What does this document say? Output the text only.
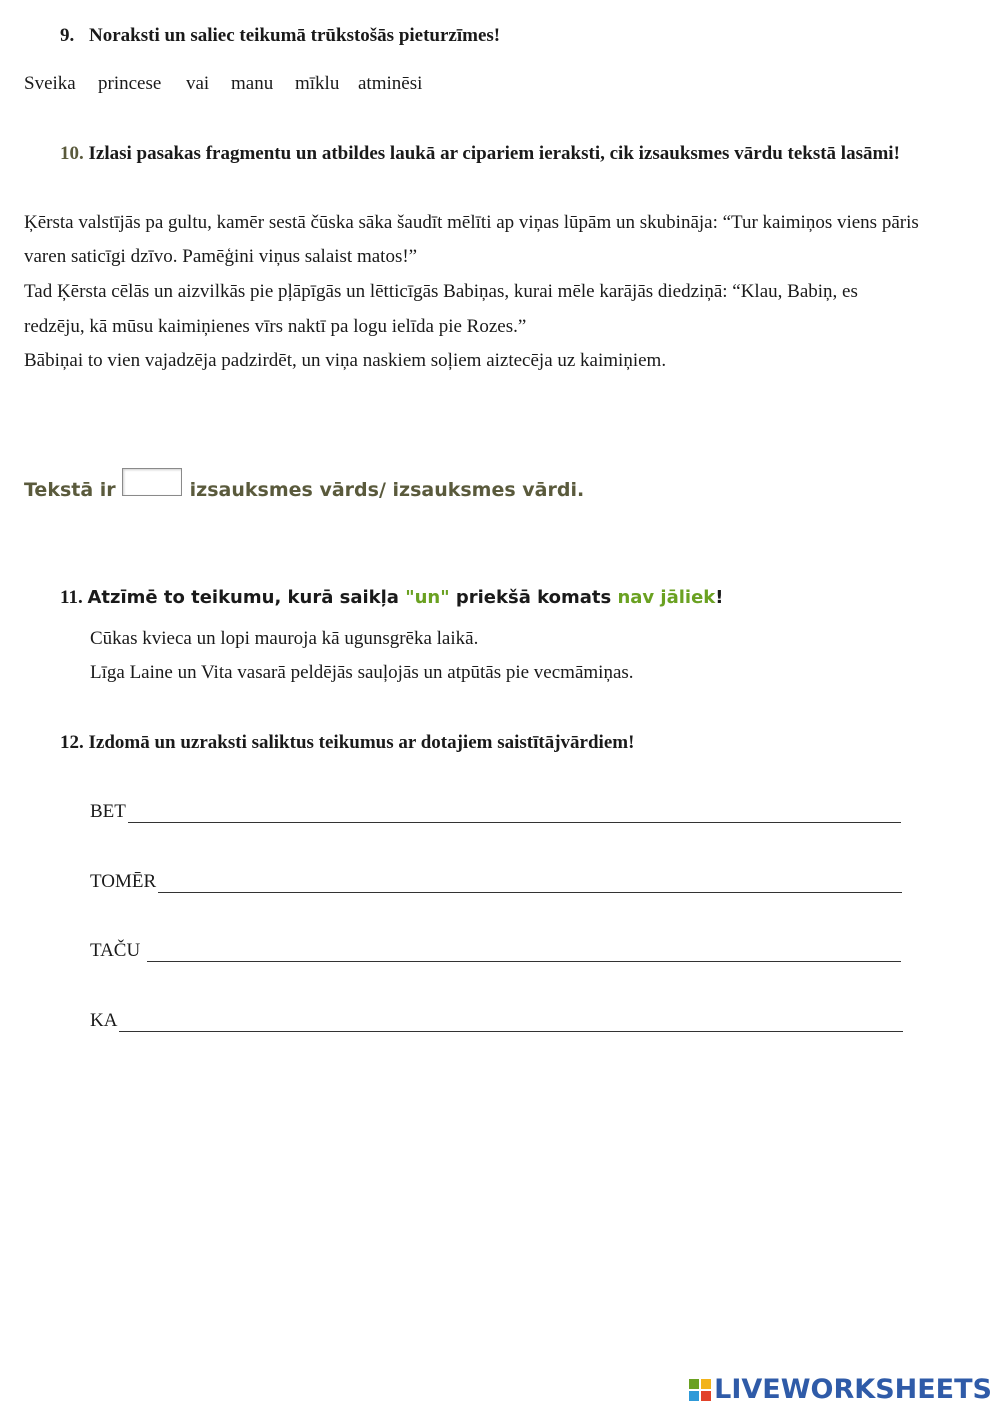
9. Noraksti un saliec teikumā trūkstošās pieturzīmes!
Sveika princese vai manu mīklu atminēsi
10. Izlasi pasakas fragmentu un atbildes laukā ar cipariem ieraksti, cik izsauksmes vārdu tekstā lasāmi!
Ķērsta valstījās pa gultu, kamēr sestā čūska sāka šaudīt mēlīti ap viņas lūpām un skubināja: “Tur kaimiņos viens pāris
varen saticīgi dzīvo. Pamēģini viņus salaist matos!”
Tad Ķērsta cēlās un aizvilkās pie pļāpīgās un lētticīgās Babiņas, kurai mēle karājās diedziņā: “Klau, Babiņ, es
redzēju, kā mūsu kaimiņienes vīrs naktī pa logu ielīda pie Rozes.”
Bābiņai to vien vajadzēja padzirdēt, un viņa naskiem soļiem aiztecēja uz kaimiņiem.
Tekstā ir	izsauksmes vārds/ izsauksmes vārdi.
11. Atzīmē to teikumu, kurā saikļa "un" priekšā komats nav jāliek!
Cūkas kvieca un lopi mauroja kā ugunsgrēka laikā.
Līga Laine un Vita vasarā peldējās sauļojās un atpūtās pie vecmāmiņas.
12. Izdomā un uzraksti saliktus teikumus ar dotajiem saistītājvārdiem!
BET
TOMĒR
TAČU
KA
LIVEWORKSHEETS
